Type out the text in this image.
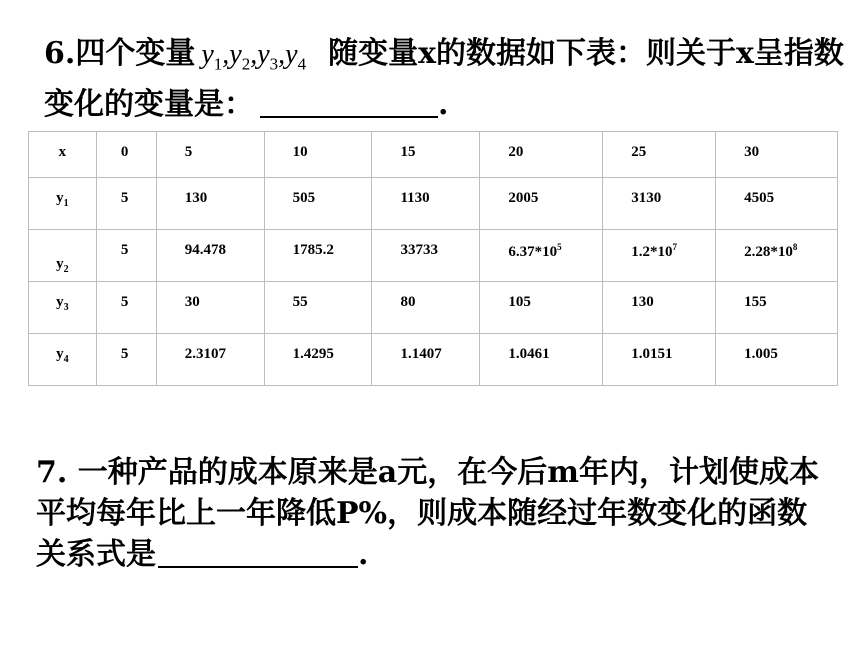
6.四个变量 $y_1,y_2,y_3,y_4$ 随变量x的数据如下表：则关于x呈指数变化的变量是：	.
x	0	5	10	15	20	25	30
$y_1$	5	130	505	1130	2005	3130	4505
$y_2$	5	94.478	1785.2	33733	$6.37*10^5$	$1.2*10^7$	$2.28*10^8$
$y_3$	5	30	55	80	105	130	155
$y_4$	5	2.3107	1.4295	1.1407	1.0461	1.0151	1.005
7. 一种产品的成本原来是a元，在今后m年内，计划使成本平均每年比上一年降低P%，则成本随经过年数变化的函数关系式是	.
